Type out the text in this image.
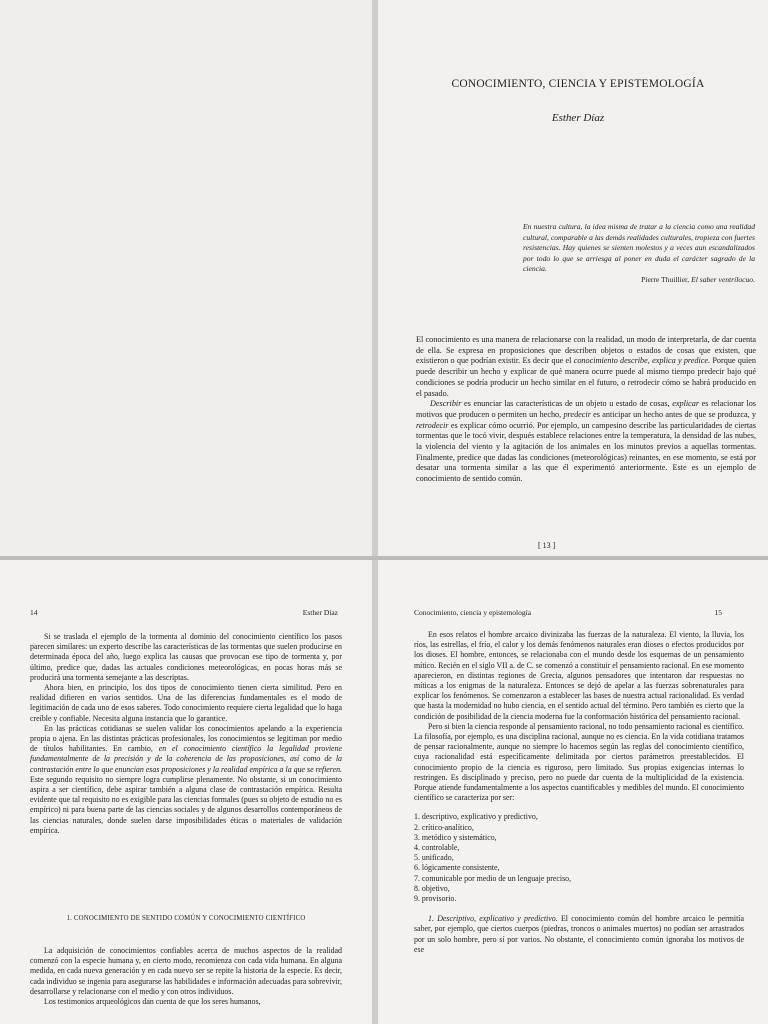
CONOCIMIENTO, CIENCIA Y EPISTEMOLOGÍA
Esther Díaz
En nuestra cultura, la idea misma de tratar a la ciencia como una realidad cultural, comparable a las demás realidades culturales, tropieza con fuertes resistencias. Hay quienes se sienten molestos y a veces aun escandalizados por todo lo que se arriesga al poner en duda el carácter sagrado de la ciencia.
Pierre Thuillier, El saber ventrílocuo.

El conocimiento es una manera de relacionarse con la realidad, un modo de interpretarla, de dar cuenta de ella. Se expresa en proposiciones que describen objetos o estados de cosas que existen, que existieron o que podrían existir. Es decir que el conocimiento describe, explica y predice. Porque quien puede describir un hecho y explicar de qué manera ocurre puede al mismo tiempo predecir bajo qué condiciones se podría producir un hecho similar en el futuro, o retrodecir cómo se habrá producido en el pasado.

Describir es enunciar las características de un objeto u estado de cosas, explicar es relacionar los motivos que producen o permiten un hecho, predecir es anticipar un hecho antes de que se produzca, y retrodecir es explicar cómo ocurrió. Por ejemplo, un campesino describe las particularidades de ciertas tormentas que le tocó vivir, después establece relaciones entre la temperatura, la densidad de las nubes, la violencia del viento y la agitación de los animales en los minutos previos a aquellas tormentas. Finalmente, predice que dadas las condiciones (meteorológicas) reinantes, en ese momento, se está por desatar una tormenta similar a las que él experimentó anteriormente. Este es un ejemplo de conocimiento de sentido común.

[ 13 ]
14	Esther Díaz

Si se traslada el ejemplo de la tormenta al dominio del conocimiento científico los pasos parecen similares: un experto describe las características de las tormentas que suelen producirse en determinada época del año, luego explica las causas que provocan ese tipo de tormenta y, por último, predice que, dadas las actuales condiciones meteorológicas, en pocas horas más se producirá una tormenta semejante a las descriptas.

Ahora bien, en principio, los dos tipos de conocimiento tienen cierta similitud. Pero en realidad difieren en varios sentidos. Una de las diferencias fundamentales es el modo de legitimación de cada uno de esos saberes. Todo conocimiento requiere cierta legalidad que lo haga creíble y confiable. Necesita alguna instancia que lo garantice.

En las prácticas cotidianas se suelen validar los conocimientos apelando a la experiencia propia o ajena. En las distintas prácticas profesionales, los conocimientos se legitiman por medio de títulos habilitantes. En cambio, en el conocimiento científico la legalidad proviene fundamentalmente de la precisión y de la coherencia de las proposiciones, así como de la contrastación entre lo que enuncian esas proposiciones y la realidad empírica a la que se refieren. Este segundo requisito no siempre logra cumplirse plenamente. No obstante, si un conocimiento aspira a ser científico, debe aspirar también a alguna clase de contrastación empírica. Resulta evidente que tal requisito no es exigible para las ciencias formales (pues su objeto de estudio no es empírico) ni para buena parte de las ciencias sociales y de algunos desarrollos contemporáneos de las ciencias naturales, donde suelen darse imposibilidades éticas o materiales de validación empírica.

1. CONOCIMIENTO DE SENTIDO COMÚN Y CONOCIMIENTO CIENTÍFICO

La adquisición de conocimientos confiables acerca de muchos aspectos de la realidad comenzó con la especie humana y, en cierto modo, recomienza con cada vida humana. En alguna medida, en cada nueva generación y en cada nuevo ser se repite la historia de la especie. Es decir, cada individuo se ingenia para asegurarse las habilidades e información adecuadas para sobrevivir, desarrollarse y relacionarse con el medio y con otros individuos.

Los testimonios arqueológicos dan cuenta de que los seres humanos,

Conocimiento, ciencia y epistemología	15

En esos relatos el hombre arcaico divinizaba las fuerzas de la naturaleza. El viento, la lluvia, los ríos, las estrellas, el frío, el calor y los demás fenómenos naturales eran dioses o efectos producidos por los dioses. El hombre, entonces, se relacionaba con el mundo desde los esquemas de un pensamiento mítico. Recién en el siglo VII a. de C. se comenzó a constituir el pensamiento racional. En ese momento aparecieron, en distintas regiones de Grecia, algunos pensadores que intentaron dar respuestas no míticas a los enigmas de la naturaleza. Entonces se dejó de apelar a las fuerzas sobrenaturales para explicar los fenómenos. Se comenzaron a establecer las bases de nuestra actual racionalidad. Es verdad que hasta la modernidad no hubo ciencia, en el sentido actual del término. Pero también es cierto que la condición de posibilidad de la ciencia moderna fue la conformación histórica del pensamiento racional.

Pero si bien la ciencia responde al pensamiento racional, no todo pensamiento racional es científico. La filosofía, por ejemplo, es una disciplina racional, aunque no es ciencia. En la vida cotidiana tratamos de pensar racionalmente, aunque no siempre lo hacemos según las reglas del conocimiento científico, cuya racionalidad está específicamente delimitada por ciertos parámetros preestablecidos. El conocimiento propio de la ciencia es riguroso, pero limitado. Sus propias exigencias internas lo restringen. Es disciplinado y preciso, pero no puede dar cuenta de la multiplicidad de la existencia. Porque atiende fundamentalmente a los aspectos cuantificables y medibles del mundo. El conocimiento científico se caracteriza por ser:

1. descriptivo, explicativo y predictivo,
2. crítico-analítico,
3. metódico y sistemático,
4. controlable,
5. unificado,
6. lógicamente consistente,
7. comunicable por medio de un lenguaje preciso,
8. objetivo,
9. provisorio.

1. Descriptivo, explicativo y predictivo. El conocimiento común del hombre arcaico le permitía saber, por ejemplo, que ciertos cuerpos (piedras, troncos o animales muertos) no podían ser arrastrados por un solo hombre, pero sí por varios. No obstante, el conocimiento común ignoraba los motivos de ese
